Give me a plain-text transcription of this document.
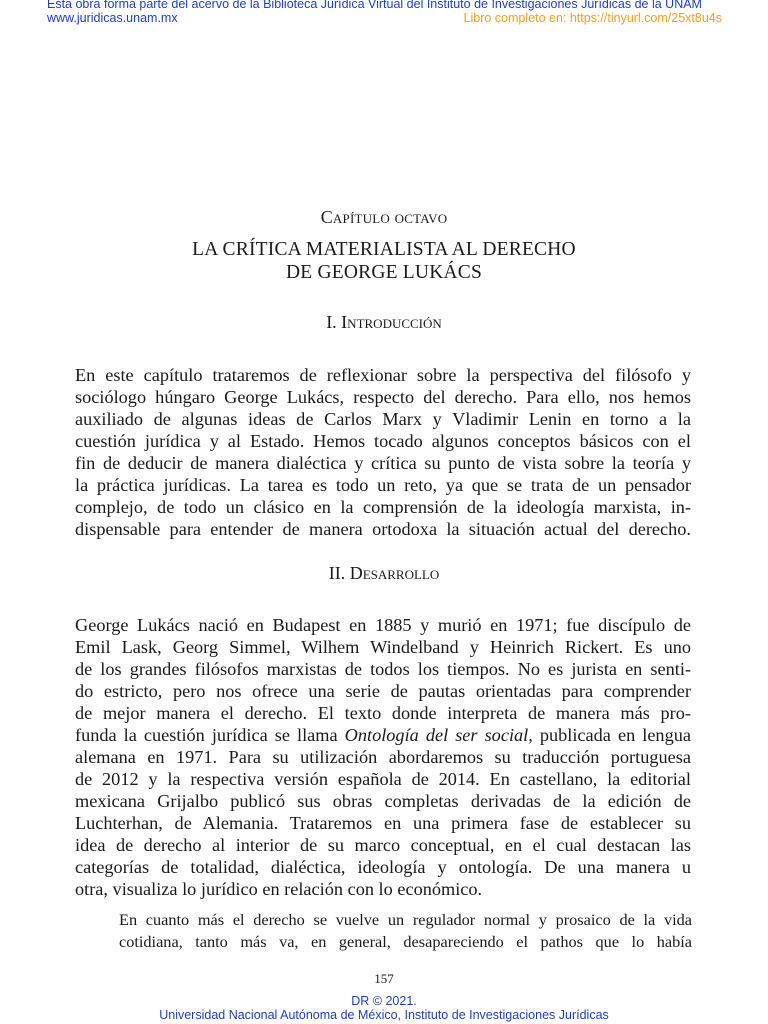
Esta obra forma parte del acervo de la Biblioteca Jurídica Virtual del Instituto de Investigaciones Jurídicas de la UNAM
www.juridicas.unam.mx	Libro completo en: https://tinyurl.com/25xt8u4s
Capítulo octavo
LA CRÍTICA MATERIALISTA AL DERECHO
DE GEORGE LUKÁCS
I. Introducción
En este capítulo trataremos de reflexionar sobre la perspectiva del filósofo y
sociólogo húngaro George Lukács, respecto del derecho. Para ello, nos hemos
auxiliado de algunas ideas de Carlos Marx y Vladimir Lenin en torno a la
cuestión jurídica y al Estado. Hemos tocado algunos conceptos básicos con el
fin de deducir de manera dialéctica y crítica su punto de vista sobre la teoría y
la práctica jurídicas. La tarea es todo un reto, ya que se trata de un pensador
complejo, de todo un clásico en la comprensión de la ideología marxista, in-
dispensable para entender de manera ortodoxa la situación actual del derecho.
II. Desarrollo
George Lukács nació en Budapest en 1885 y murió en 1971; fue discípulo de
Emil Lask, Georg Simmel, Wilhem Windelband y Heinrich Rickert. Es uno
de los grandes filósofos marxistas de todos los tiempos. No es jurista en senti-
do estricto, pero nos ofrece una serie de pautas orientadas para comprender
de mejor manera el derecho. El texto donde interpreta de manera más pro-
funda la cuestión jurídica se llama Ontología del ser social, publicada en lengua
alemana en 1971. Para su utilización abordaremos su traducción portuguesa
de 2012 y la respectiva versión española de 2014. En castellano, la editorial
mexicana Grijalbo publicó sus obras completas derivadas de la edición de
Luchterhan, de Alemania. Trataremos en una primera fase de establecer su
idea de derecho al interior de su marco conceptual, en el cual destacan las
categorías de totalidad, dialéctica, ideología y ontología. De una manera u
otra, visualiza lo jurídico en relación con lo económico.
En cuanto más el derecho se vuelve un regulador normal y prosaico de la vida
cotidiana, tanto más va, en general, desapareciendo el pathos que lo había
157
DR © 2021.
Universidad Nacional Autónoma de México, Instituto de Investigaciones Jurídicas
